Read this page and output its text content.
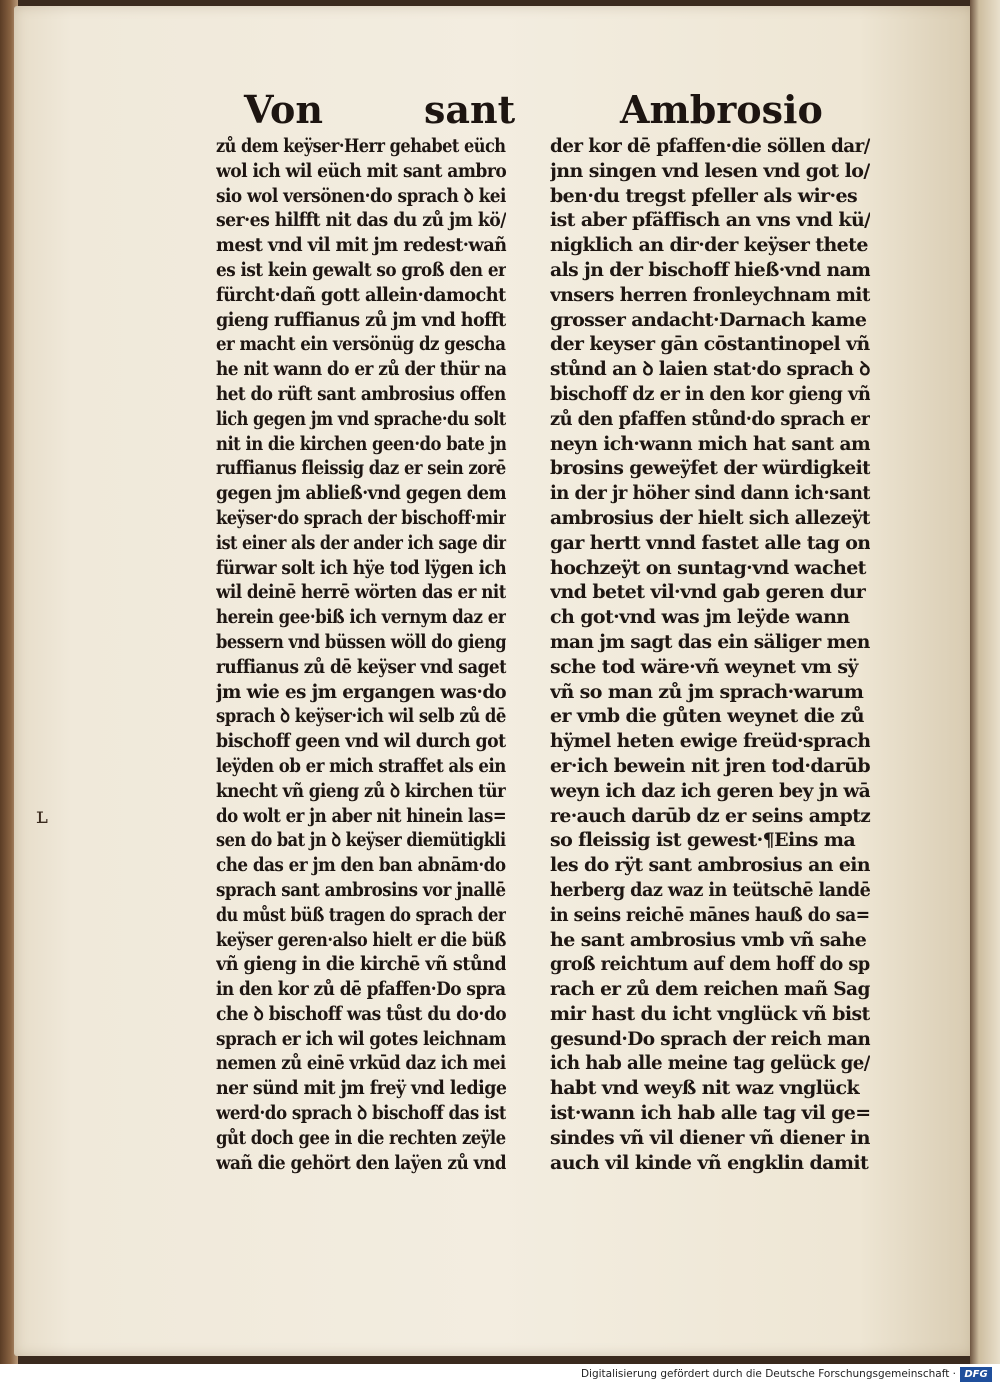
Von	sant	Ambrosio
zů dem keÿser·Herr gehabet eüch
wol ich wil eüch mit sant ambro
sio wol versönen·do sprach ꝺ kei
ser·es hilfft nit das du zů jm kö/
mest vnd vil mit jm redest·wañ
es ist kein gewalt so groß den er
fürcht·dañ gott allein·damocht
gieng ruffianus zů jm vnd hofft
er macht ein versönüg dz gescha
he nit wann do er zů der thür na
het do rüft sant ambrosius offen
lich gegen jm vnd sprache·du solt
nit in die kirchen geen·do bate jn
ruffianus fleissig daz er sein zorē
gegen jm abließ·vnd gegen dem
keÿser·do sprach der bischoff·mir
ist einer als der ander ich sage dir
fürwar solt ich hÿe tod lÿgen ich
wil deinē herrē wörten das er nit
herein gee·biß ich vernym daz er
bessern vnd büssen wöll do gieng
ruffianus zů dē keÿser vnd saget
jm wie es jm ergangen was·do
sprach ꝺ keÿser·ich wil selb zů dē
bischoff geen vnd wil durch got
leÿden ob er mich straffet als ein
knecht vñ gieng zů ꝺ kirchen tür
do wolt er jn aber nit hinein las=
sen do bat jn ꝺ keÿser diemütigkli
che das er jm den ban abnām·do
sprach sant ambrosins vor jnallē
du můst büß tragen do sprach der
keÿser geren·also hielt er die büß
vñ gieng in die kirchē vñ stůnd
in den kor zů dē pfaffen·Do spra
che ꝺ bischoff was tůst du do·do
sprach er ich wil gotes leichnam
nemen zů einē vrkūd daz ich mei
ner sünd mit jm freÿ vnd ledige
werd·do sprach ꝺ bischoff das ist
gůt doch gee in die rechten zeÿle
wañ die gehört den laÿen zů vnd
der kor dē pfaffen·die söllen dar/
jnn singen vnd lesen vnd got lo/
ben·du tregst pfeller als wir·es
ist aber pfäffisch an vns vnd kü/
nigklich an dir·der keÿser thete
als jn der bischoff hieß·vnd nam
vnsers herren fronleychnam mit
grosser andacht·Darnach kame
der keyser gān cōstantinopel vñ
stůnd an ꝺ laien stat·do sprach ꝺ
bischoff dz er in den kor gieng vñ
zů den pfaffen stůnd·do sprach er
neyn ich·wann mich hat sant am
brosins geweÿfet der würdigkeit
in der jr höher sind dann ich·sant
ambrosius der hielt sich allezeÿt
gar hertt vnnd fastet alle tag on
hochzeÿt on suntag·vnd wachet
vnd betet vil·vnd gab geren dur
ch got·vnd was jm leÿde wann
man jm sagt das ein säliger men
sche tod wäre·vñ weynet vm sÿ
vñ so man zů jm sprach·warum
er vmb die gůten weynet die zů
hÿmel heten ewige freüd·sprach
er·ich bewein nit jren tod·darūb
weyn ich daz ich geren bey jn wā
re·auch darūb dz er seins amptz
so fleissig ist gewest·¶Eins ma
les do rÿt sant ambrosius an ein
herberg daz waz in teütschē landē
in seins reichē mānes hauß do sa=
he sant ambrosius vmb vñ sahe
groß reichtum auf dem hoff do sp
rach er zů dem reichen mañ Sag
mir hast du icht vnglück vñ bist
gesund·Do sprach der reich man
ich hab alle meine tag gelück ge/
habt vnd weyß nit waz vnglück
ist·wann ich hab alle tag vil ge=
sindes vñ vil diener vñ diener in
auch vil kinde vñ engklin damit
ʟ
Digitalisierung gefördert durch die Deutsche Forschungsgemeinschaft · DFG
